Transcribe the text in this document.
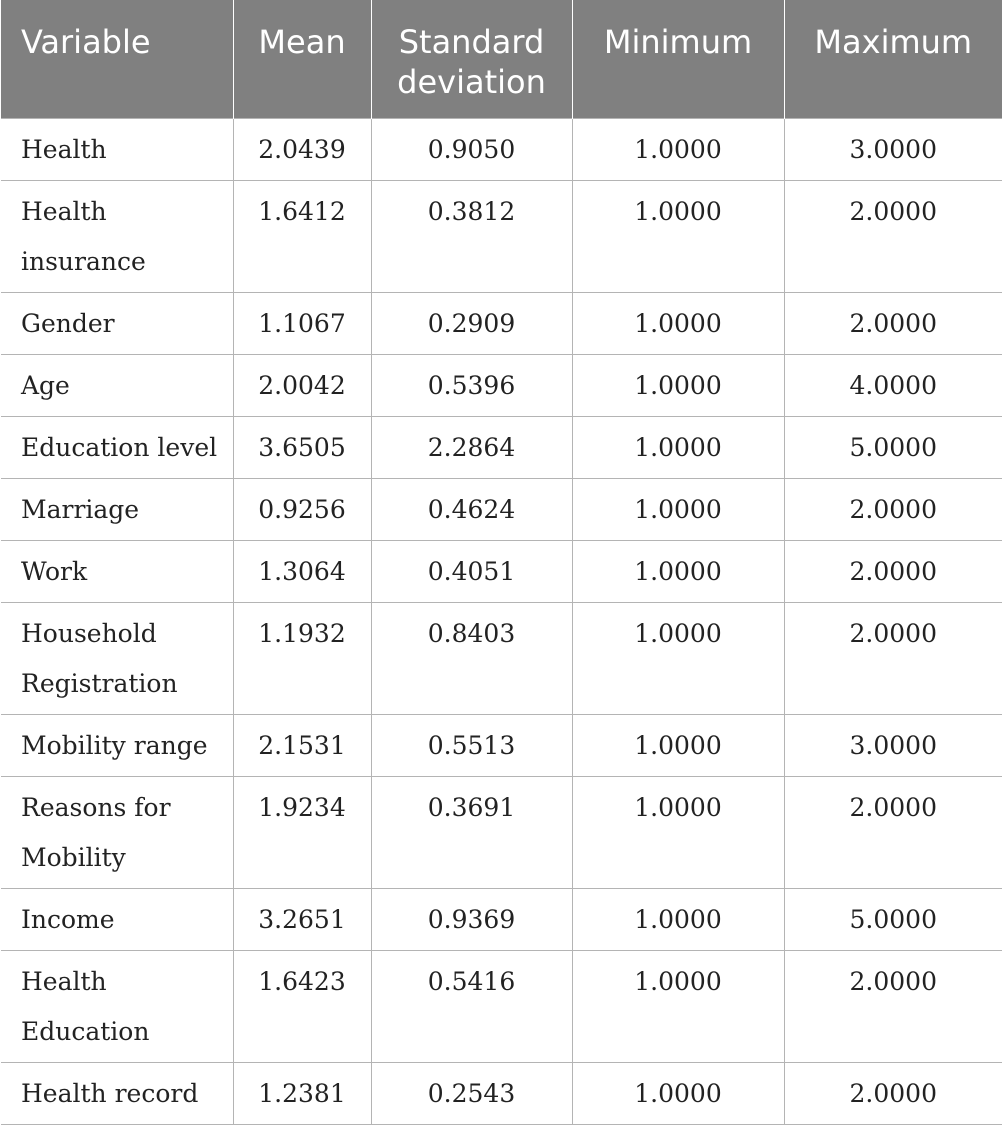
Variable	Mean	Standard deviation	Minimum	Maximum
Health	2.0439	0.9050	1.0000	3.0000
Health insurance	1.6412	0.3812	1.0000	2.0000
Gender	1.1067	0.2909	1.0000	2.0000
Age	2.0042	0.5396	1.0000	4.0000
Education level	3.6505	2.2864	1.0000	5.0000
Marriage	0.9256	0.4624	1.0000	2.0000
Work	1.3064	0.4051	1.0000	2.0000
Household Registration	1.1932	0.8403	1.0000	2.0000
Mobility range	2.1531	0.5513	1.0000	3.0000
Reasons for Mobility	1.9234	0.3691	1.0000	2.0000
Income	3.2651	0.9369	1.0000	5.0000
Health Education	1.6423	0.5416	1.0000	2.0000
Health record	1.2381	0.2543	1.0000	2.0000
